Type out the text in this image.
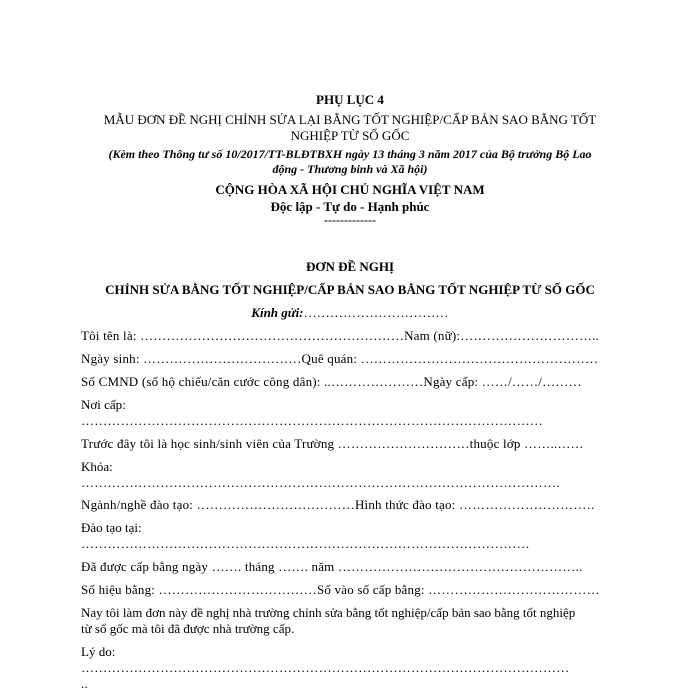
PHỤ LỤC 4
MẪU ĐƠN ĐỀ NGHỊ CHỈNH SỬA LẠI BẰNG TỐT NGHIỆP/CẤP BẢN SAO BẰNG TỐT
NGHIỆP TỪ SỔ GỐC
(Kèm theo Thông tư số 10/2017/TT-BLĐTBXH ngày 13 tháng 3 năm 2017 của Bộ trưởng Bộ Lao
động - Thương binh và Xã hội)
CỘNG HÒA XÃ HỘI CHỦ NGHĨA VIỆT NAM
Độc lập - Tự do - Hạnh phúc
-------------
ĐƠN ĐỀ NGHỊ
CHỈNH SỬA BẰNG TỐT NGHIỆP/CẤP BẢN SAO BẰNG TỐT NGHIỆP TỪ SỐ GỐC
Kính gửi:……………………………
Tôi tên là: ……………………………………………………Nam (nữ):…………………………..
Ngày sinh: ………………………………Quê quán: ………………………………………………
Số CMND (số hộ chiếu/căn cước công dân): ..…………………Ngày cấp: ……/……/………
Nơi cấp:
……………………………………………………………………………………………
Trước đây tôi là học sinh/sinh viên của Trường …………………………thuộc lớp ……..……
Khóa:
……………………………………………………………………………………………….
Ngành/nghề đào tạo: ………………………………Hình thức đào tạo: ………………………….
Đào tạo tại:
…………………………………………………………………………………………
Đã được cấp bằng ngày ……. tháng ……. năm ………………………………………………..
Số hiệu bằng: ………………………………Số vào số cấp bằng: …………………………………
Nay tôi làm đơn này đề nghị nhà trường chỉnh sửa bằng tốt nghiệp/cấp bản sao bằng tốt nghiệp
từ sổ gốc mà tôi đã được nhà trường cấp.
Lý do:
…………………………………………………………………………………………………
..
